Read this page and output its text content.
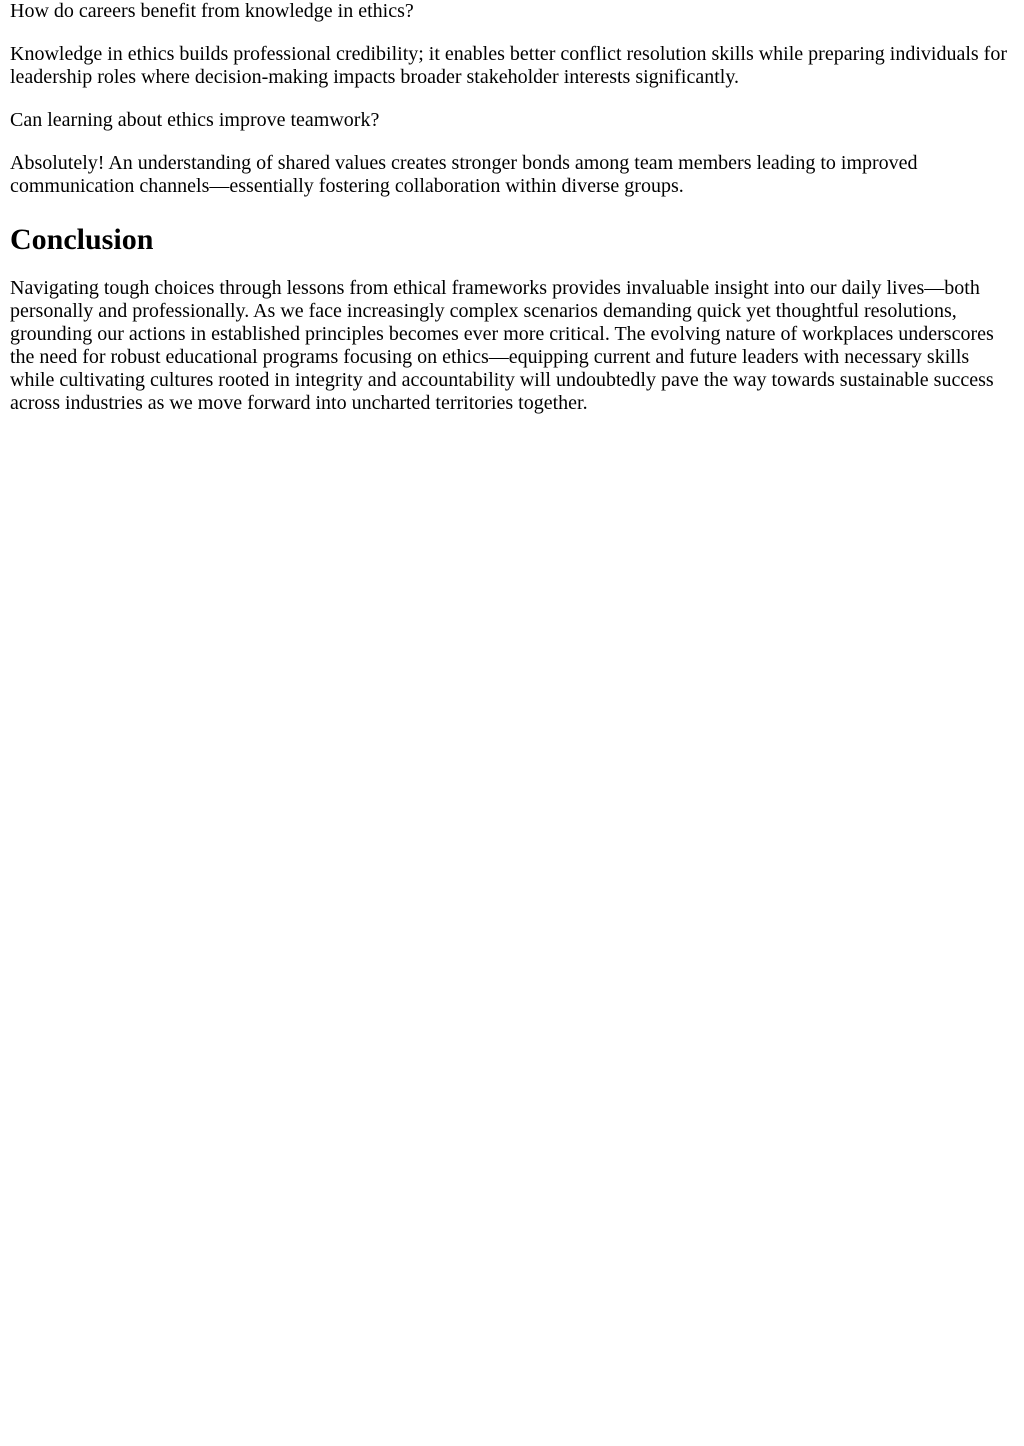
How do careers benefit from knowledge in ethics?

Knowledge in ethics builds professional credibility; it enables better conflict resolution skills while preparing individuals for leadership roles where decision-making impacts broader stakeholder interests significantly.

Can learning about ethics improve teamwork?

Absolutely! An understanding of shared values creates stronger bonds among team members leading to improved communication channels—essentially fostering collaboration within diverse groups.

Conclusion

Navigating tough choices through lessons from ethical frameworks provides invaluable insight into our daily lives—both personally and professionally. As we face increasingly complex scenarios demanding quick yet thoughtful resolutions, grounding our actions in established principles becomes ever more critical. The evolving nature of workplaces underscores the need for robust educational programs focusing on ethics—equipping current and future leaders with necessary skills while cultivating cultures rooted in integrity and accountability will undoubtedly pave the way towards sustainable success across industries as we move forward into uncharted territories together.
